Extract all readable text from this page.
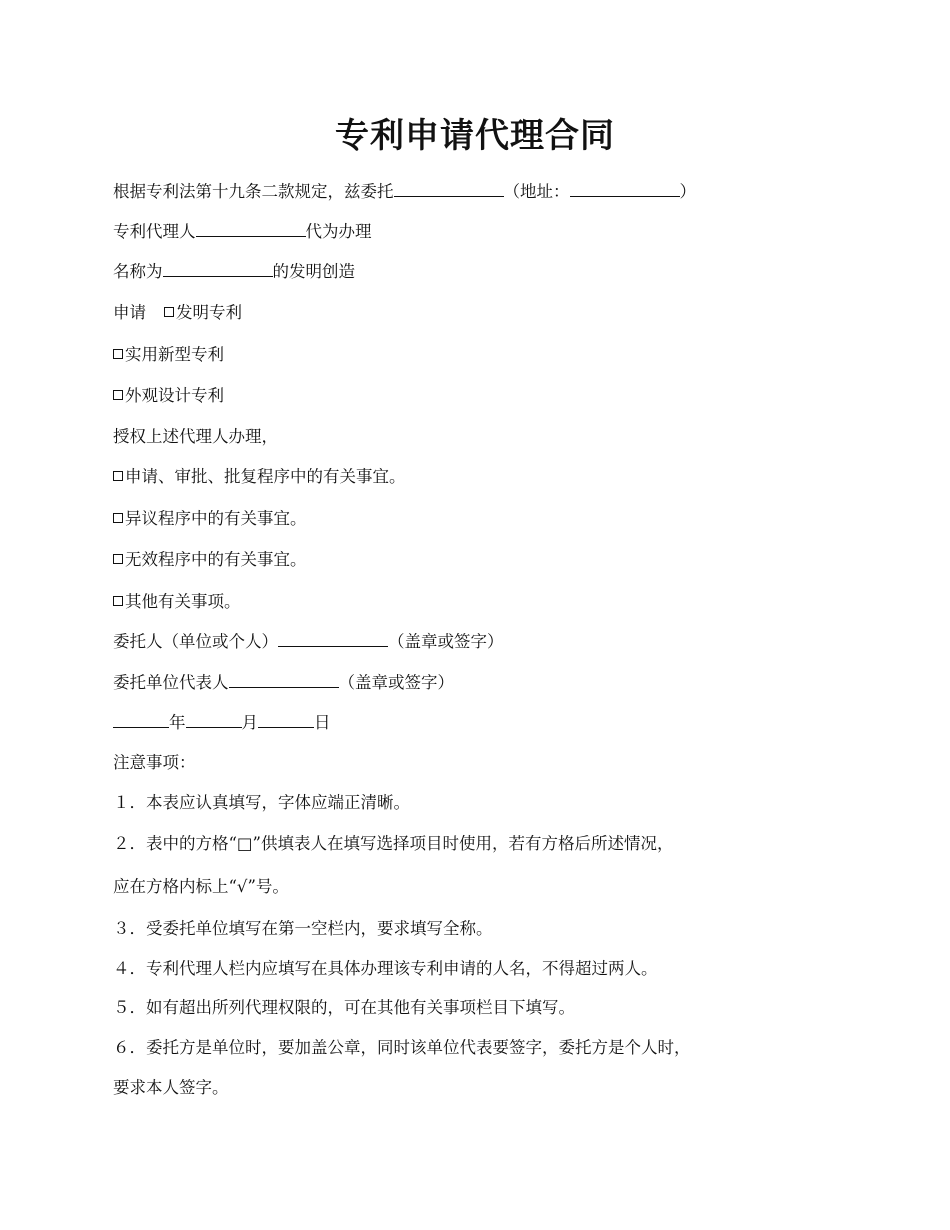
专利申请代理合同
根据专利法第十九条二款规定，兹委托	（地址：	）
专利代理人	代为办理
名称为	的发明创造
申请 发明专利
实用新型专利
外观设计专利
授权上述代理人办理，
申请、审批、批复程序中的有关事宜。
异议程序中的有关事宜。
无效程序中的有关事宜。
其他有关事项。
委托人（单位或个人）	（盖章或签字）
委托单位代表人	（盖章或签字）
年	月	日
注意事项：
１．本表应认真填写，字体应端正清晰。
２．表中的方格“□”供填表人在填写选择项目时使用，若有方格后所述情况，
应在方格内标上“√”号。
３．受委托单位填写在第一空栏内，要求填写全称。
４．专利代理人栏内应填写在具体办理该专利申请的人名，不得超过两人。
５．如有超出所列代理权限的，可在其他有关事项栏目下填写。
６．委托方是单位时，要加盖公章，同时该单位代表要签字，委托方是个人时，
要求本人签字。
